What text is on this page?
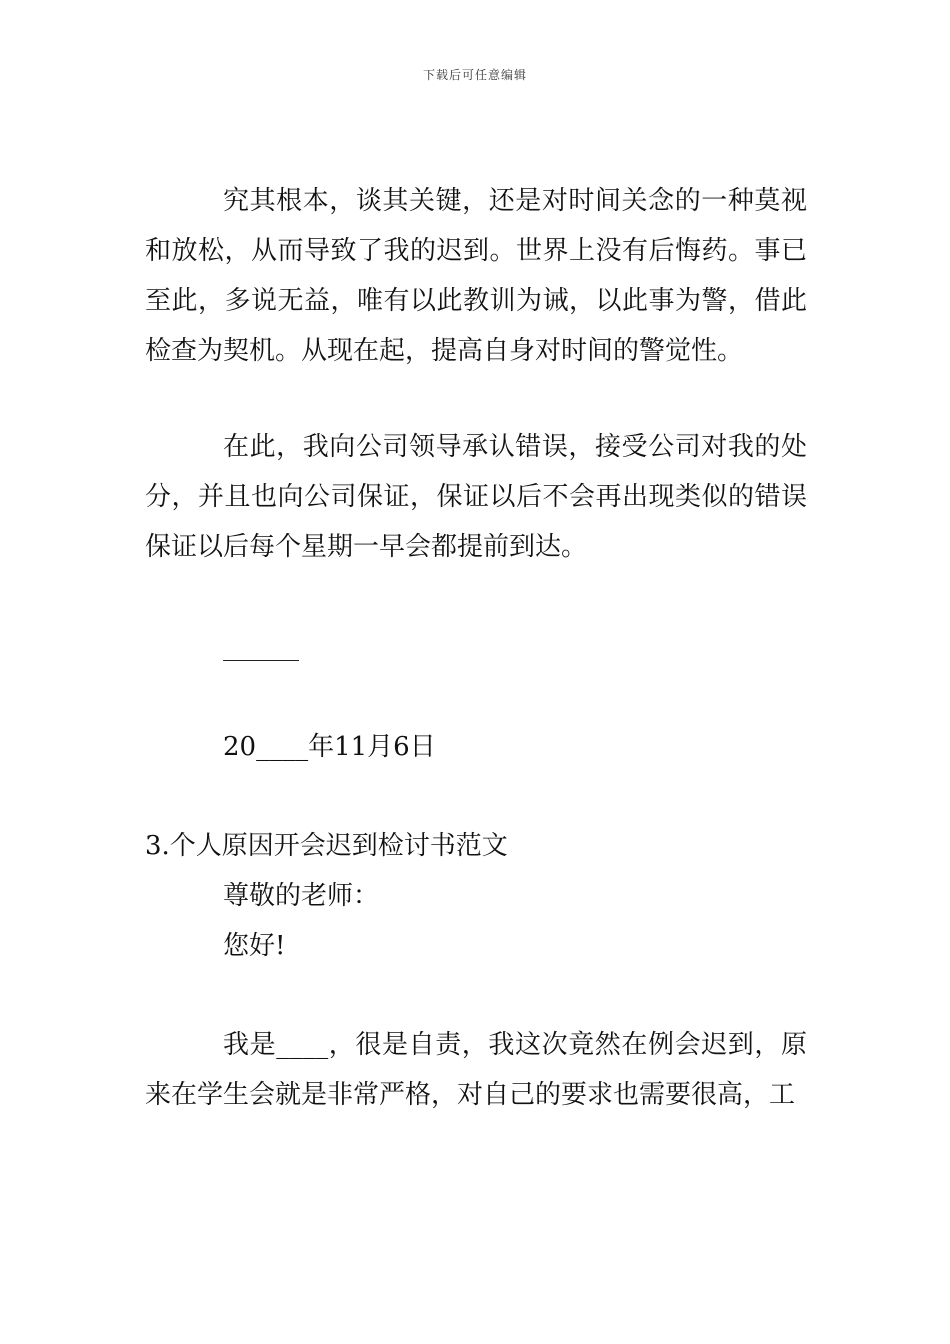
下载后可任意编辑

究其根本，谈其关键，还是对时间关念的一种莫视和放松，从而导致了我的迟到。世界上没有后悔药。事已至此，多说无益，唯有以此教训为诫，以此事为警，借此检查为契机。从现在起，提高自身对时间的警觉性。

在此，我向公司领导承认错误，接受公司对我的处分，并且也向公司保证，保证以后不会再出现类似的错误保证以后每个星期一早会都提前到达。

20____年11月6日

3.个人原因开会迟到检讨书范文

尊敬的老师：

您好!

我是____，很是自责，我这次竟然在例会迟到，原来在学生会就是非常严格，对自己的要求也需要很高，工
